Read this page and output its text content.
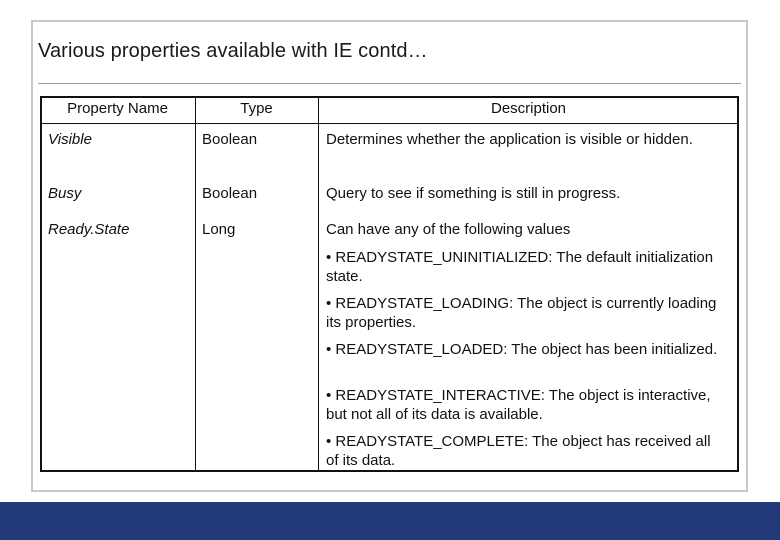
Various properties available with IE contd…
Property Name	Type	Description
Visible	Boolean	Determines whether the application is visible or hidden.
Busy	Boolean	Query to see if something is still in progress.
Ready.State	Long	Can have any of the following values
• READYSTATE_UNINITIALIZED: The default initialization state.
• READYSTATE_LOADING: The object is currently loading its properties.
• READYSTATE_LOADED: The object has been initialized.
• READYSTATE_INTERACTIVE: The object is interactive, but not all of its data is available.
• READYSTATE_COMPLETE: The object has received all of its data.
